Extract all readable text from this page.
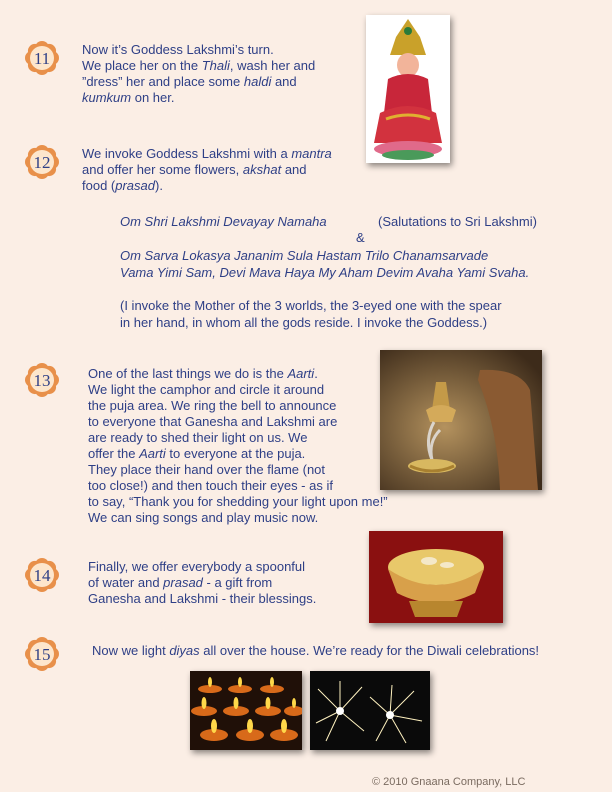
11
12
13
14
15

Now it’s Goddess Lakshmi’s turn.

We place her on the Thali, wash her and

”dress” her and place some haldi and

kumkum on her.

We invoke Goddess Lakshmi with a mantra

and offer her some flowers, akshat and

food (prasad).

One of the last things we do is the Aarti.

We light the camphor and circle it around

the puja area. We ring the bell to announce

to everyone that Ganesha and Lakshmi are

are ready to shed their light on us. We

offer the Aarti to everyone at the puja.

They place their hand over the flame (not

too close!) and then touch their eyes - as if

to say, “Thank you for shedding your light upon me!”

We can sing songs and play music now.

Finally, we offer everybody a spoonful

of water and prasad - a gift from

Ganesha and Lakshmi - their blessings.

Now we light diyas all over the house. We’re ready for the Diwali celebrations!

Om Shri Lakshmi Devayay Namaha	(Salutations to Sri Lakshmi)
&
Om Sarva Lokasya Jananim Sula Hastam Trilo Chanamsarvade
Vama Yimi Sam, Devi Mava Haya My Aham Devim Avaha Yami Svaha.
(I invoke the Mother of the 3 worlds, the 3-eyed one with the spear
in her hand, in whom all the gods reside. I invoke the Goddess.)
© 2010 Gnaana Company, LLC
